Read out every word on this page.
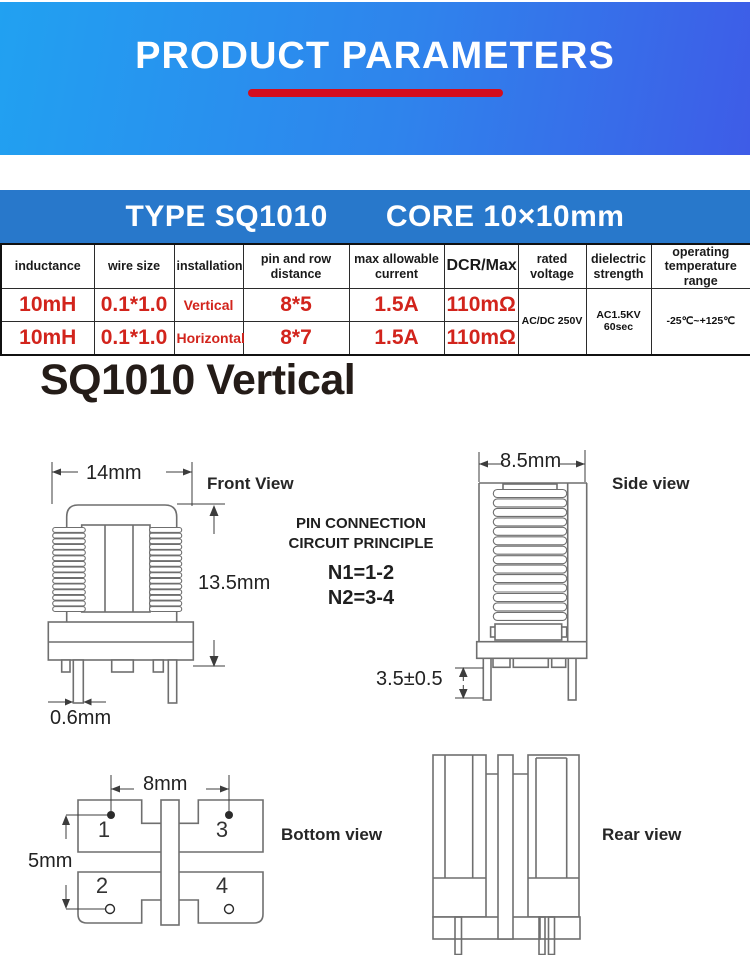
PRODUCT PARAMETERS
TYPE SQ1010 CORE 10×10mm
inductance	wire size	installation	pin and row distance	max allowable current	DCR/Max	rated voltage	dielectric strength	operating temperature range
10mH	0.1*1.0	Vertical	8*5	1.5A	110mΩ	AC/DC 250V	AC1.5KV 60sec	-25℃~+125℃
10mH	0.1*1.0	Horizontal	8*7	1.5A	110mΩ			
SQ1010 Vertical
14mm	Front View
13.5mm
0.6mm
PIN CONNECTION
CIRCUIT PRINCIPLE
N1=1-2
N2=3-4
8.5mm
Side view
3.5±0.5
8mm
5mm
1	3
2	4
Bottom view	Rear view
